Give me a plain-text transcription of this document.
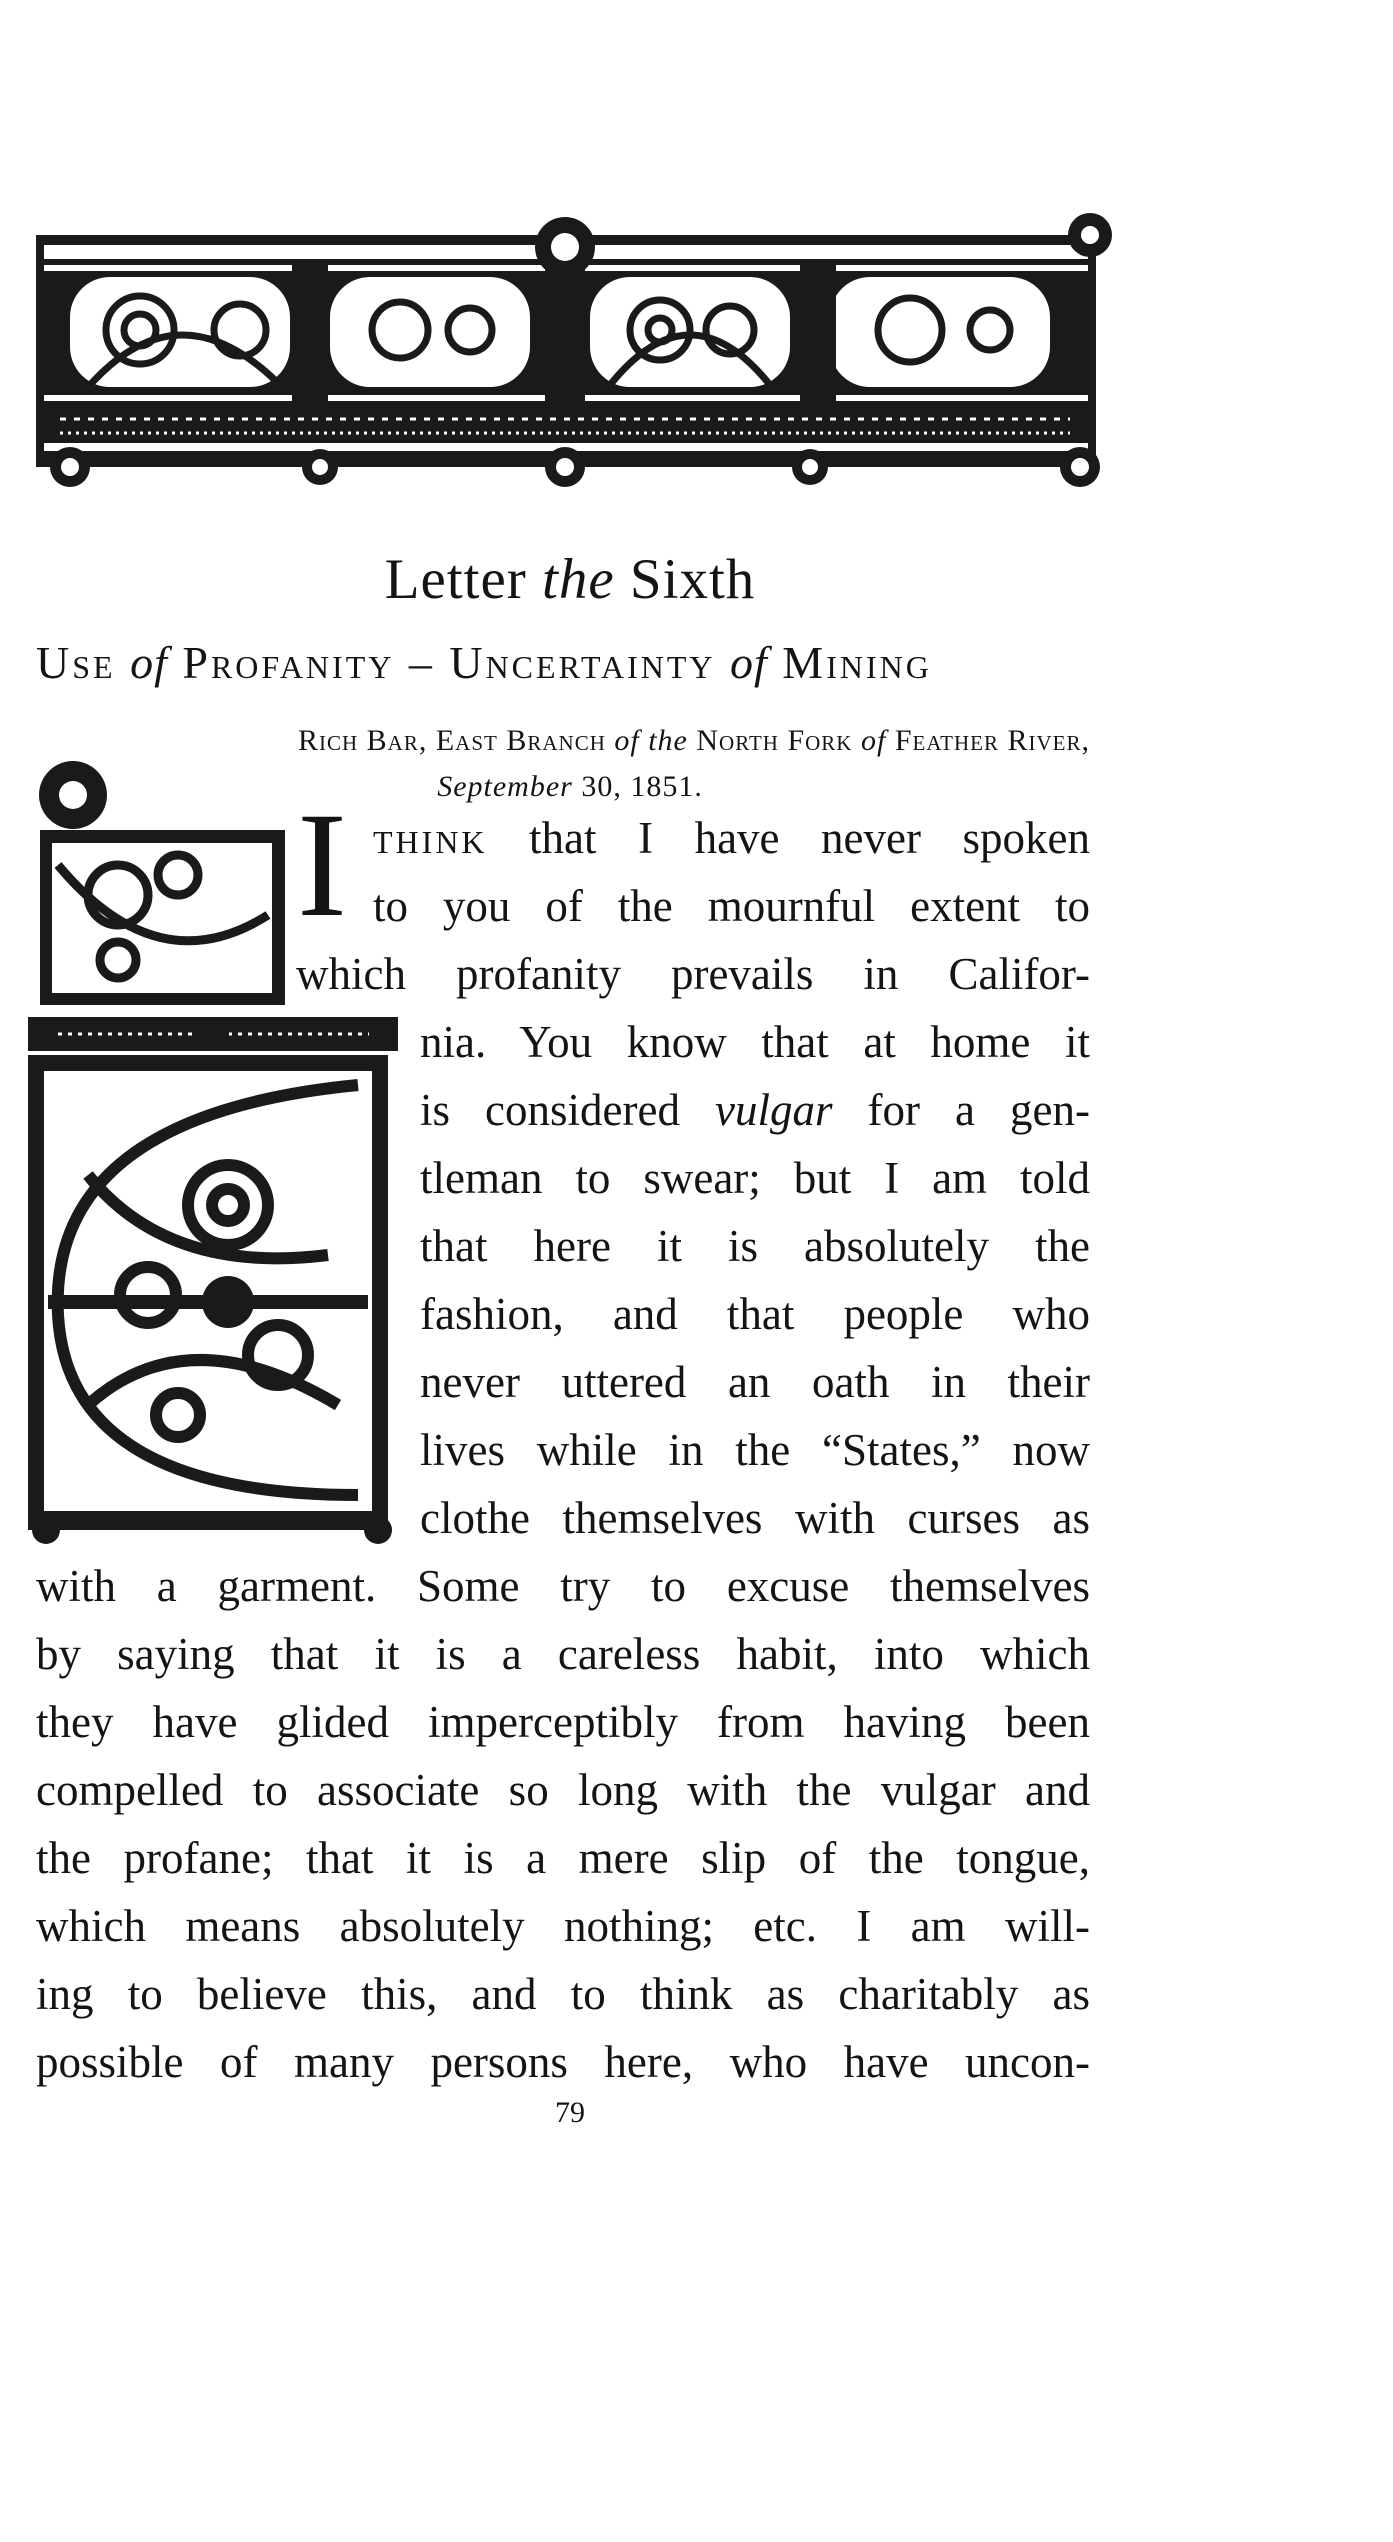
Letter the Sixth
Use of Profanity – Uncertainty of Mining
Rich Bar, East Branch of the North Fork of Feather River,
September 30, 1851.
I think that I have never spoken
to you of the mournful extent to
which profanity prevails in Califor-
nia. You know that at home it
is considered vulgar for a gen-
tleman to swear; but I am told
that here it is absolutely the
fashion, and that people who
never uttered an oath in their
lives while in the “States,” now
clothe themselves with curses as
with a garment. Some try to excuse themselves
by saying that it is a careless habit, into which
they have glided imperceptibly from having been
compelled to associate so long with the vulgar and
the profane; that it is a mere slip of the tongue,
which means absolutely nothing; etc. I am will-
ing to believe this, and to think as charitably as
possible of many persons here, who have uncon-
79
